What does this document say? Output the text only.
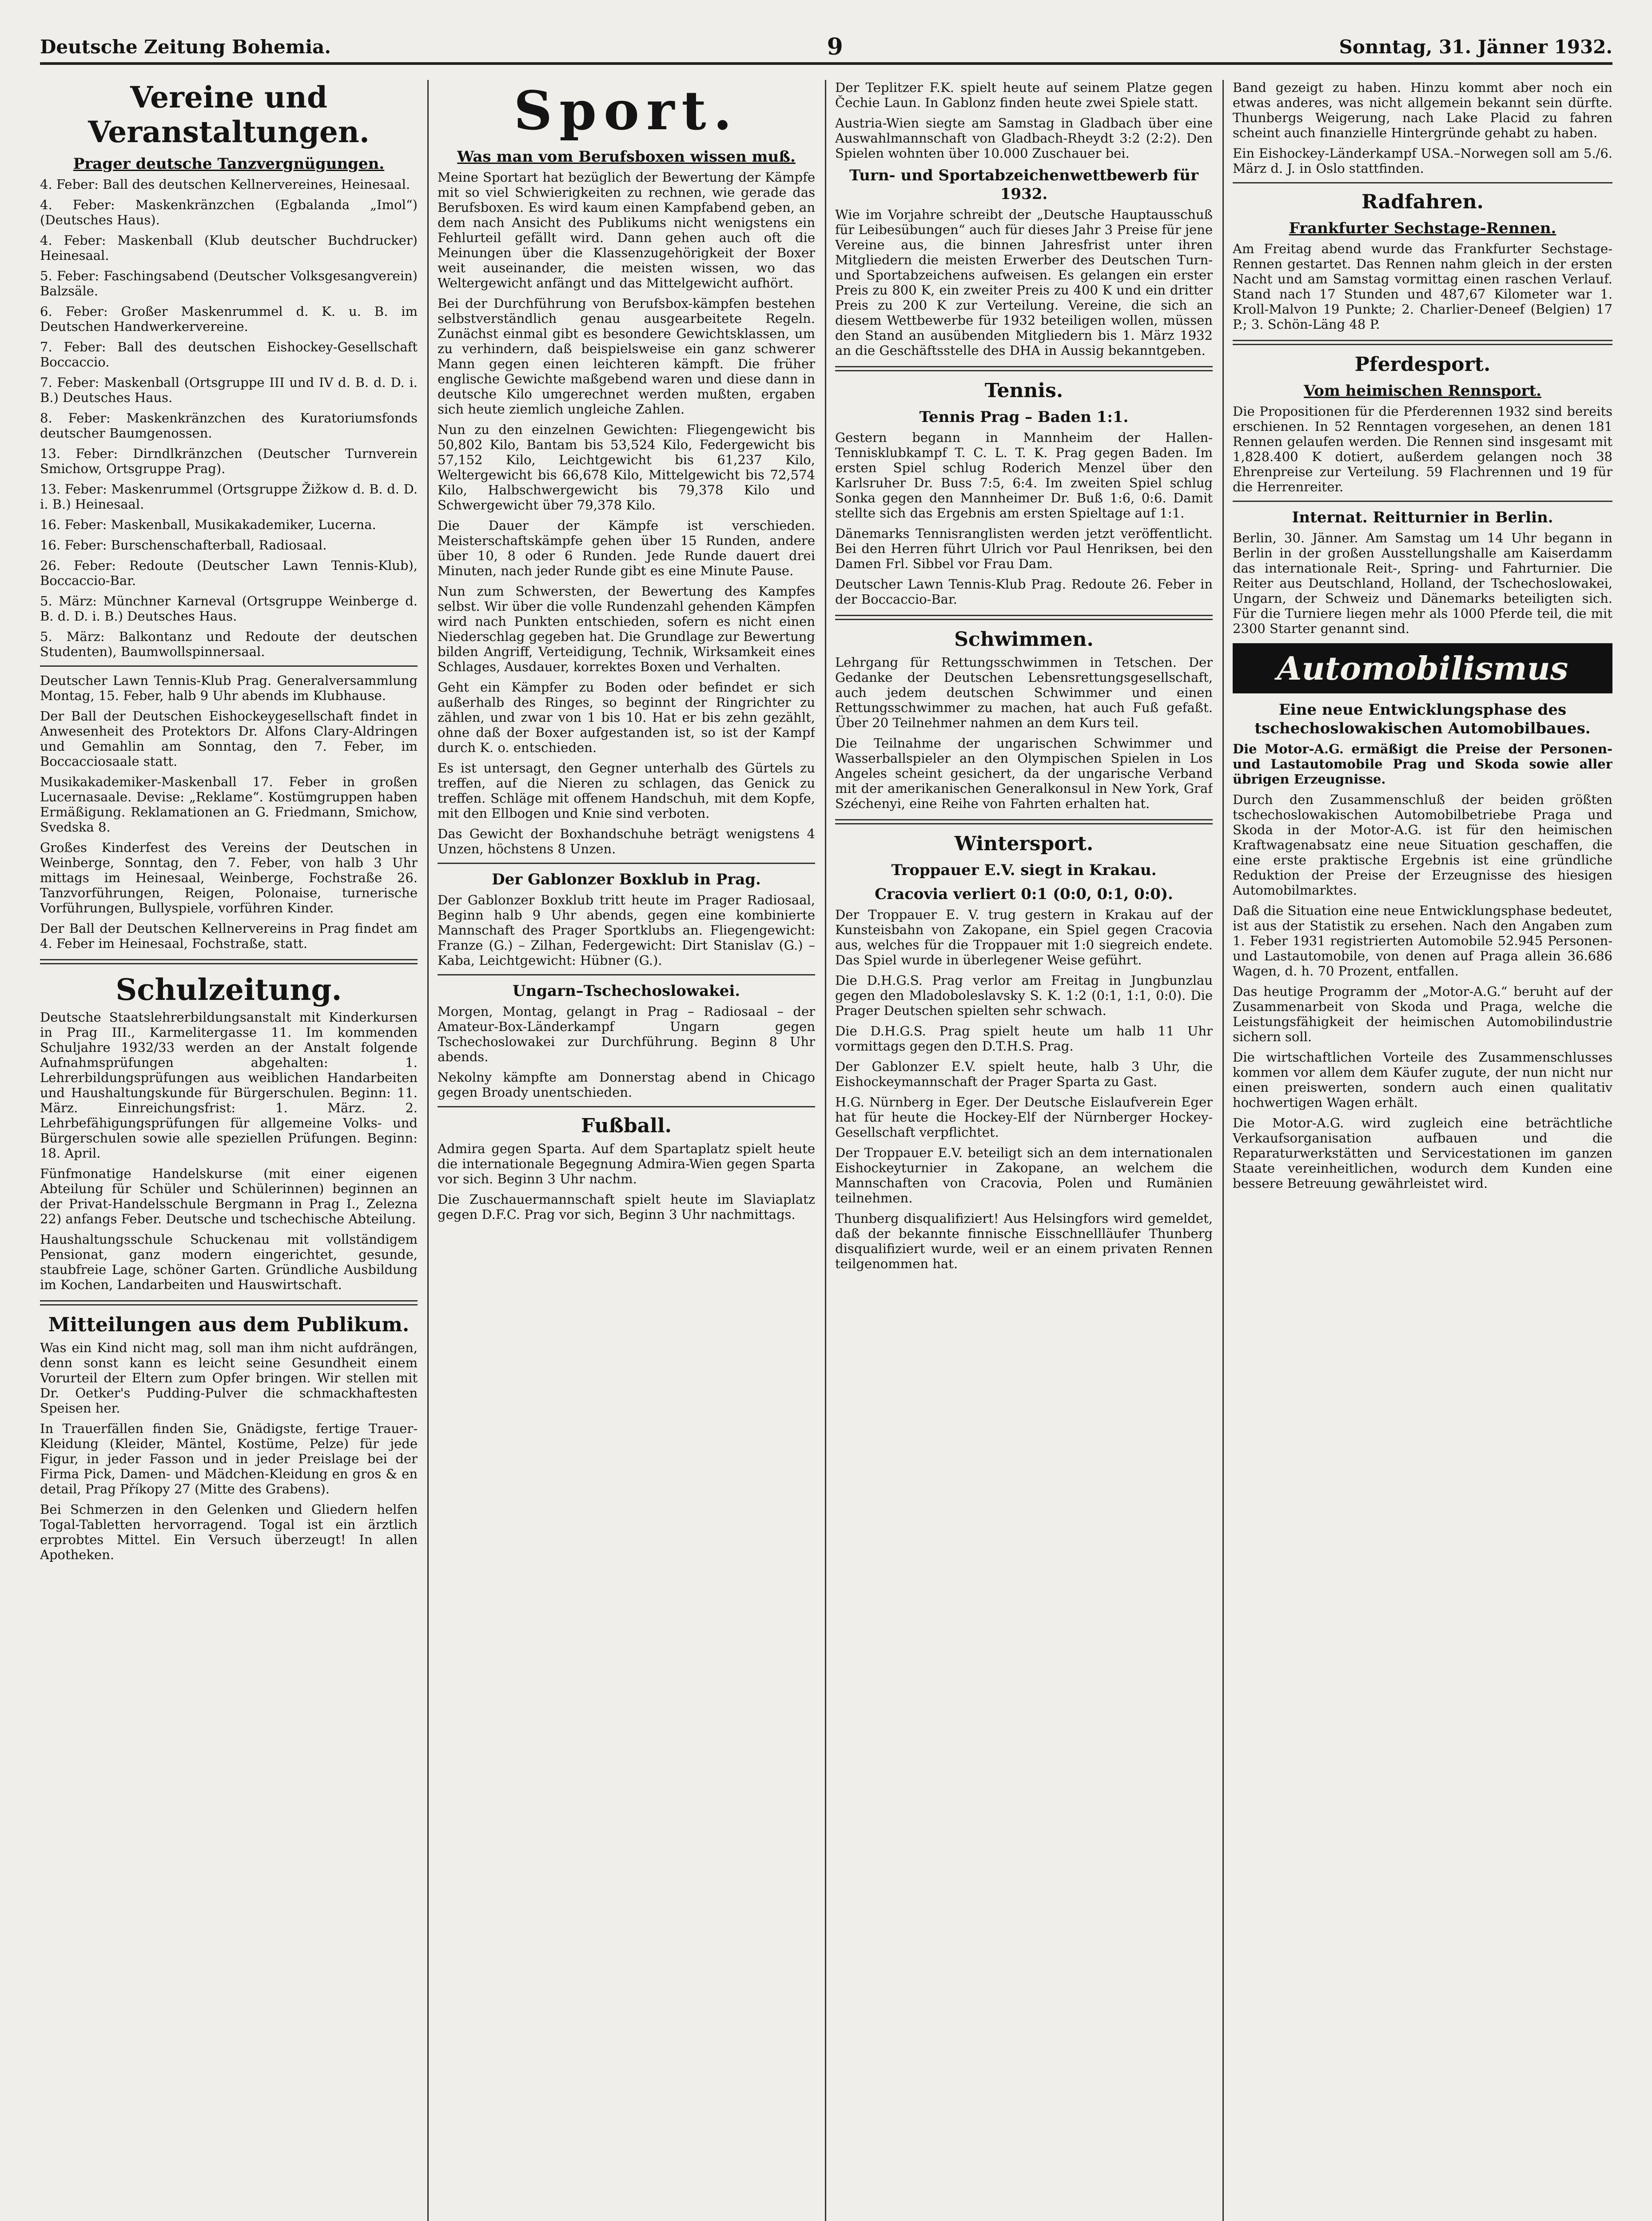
Deutsche Zeitung Bohemia.	9	Sonntag, 31. Jänner 1932.
Vereine und Veranstaltungen.
Prager deutsche Tanzvergnügungen.

4. Feber: Ball des deutschen Kellnervereines, Heinesaal.

4. Feber: Maskenkränzchen (Egbalanda „Imol“) (Deutsches Haus).

4. Feber: Maskenball (Klub deutscher Buchdrucker) Heinesaal.

5. Feber: Faschingsabend (Deutscher Volksgesangverein) Balzsäle.

6. Feber: Großer Maskenrummel d. K. u. B. im Deutschen Handwerkervereine.

7. Feber: Ball des deutschen Eishockey-Gesellschaft Boccaccio.

7. Feber: Maskenball (Ortsgruppe III und IV d. B. d. D. i. B.) Deutsches Haus.

8. Feber: Maskenkränzchen des Kuratoriumsfonds deutscher Baumgenossen.

13. Feber: Dirndlkränzchen (Deutscher Turnverein Smichow, Ortsgruppe Prag).

13. Feber: Maskenrummel (Ortsgruppe Žižkow d. B. d. D. i. B.) Heinesaal.

16. Feber: Maskenball, Musikakademiker, Lucerna.

16. Feber: Burschenschafterball, Radiosaal.

26. Feber: Redoute (Deutscher Lawn Tennis-Klub), Boccaccio-Bar.

5. März: Münchner Karneval (Ortsgruppe Weinberge d. B. d. D. i. B.) Deutsches Haus.

5. März: Balkontanz und Redoute der deutschen Studenten), Baumwollspinnersaal.

Deutscher Lawn Tennis-Klub Prag. Generalversammlung Montag, 15. Feber, halb 9 Uhr abends im Klubhause.

Der Ball der Deutschen Eishockeygesellschaft findet in Anwesenheit des Protektors Dr. Alfons Clary-Aldringen und Gemahlin am Sonntag, den 7. Feber, im Boccacciosaale statt.

Musikakademiker-Maskenball 17. Feber in großen Lucernasaale. Devise: „Reklame“. Kostümgruppen haben Ermäßigung. Reklamationen an G. Friedmann, Smichow, Svedska 8.

Großes Kinderfest des Vereins der Deutschen in Weinberge, Sonntag, den 7. Feber, von halb 3 Uhr mittags im Heinesaal, Weinberge, Fochstraße 26. Tanzvorführungen, Reigen, Polonaise, turnerische Vorführungen, Bullyspiele, vorführen Kinder.

Der Ball der Deutschen Kellnervereins in Prag findet am 4. Feber im Heinesaal, Fochstraße, statt.

Schulzeitung.

Deutsche Staatslehrerbildungsanstalt mit Kinderkursen in Prag III., Karmelitergasse 11. Im kommenden Schuljahre 1932/33 werden an der Anstalt folgende Aufnahmsprüfungen abgehalten: 1. Lehrerbildungsprüfungen aus weiblichen Handarbeiten und Haushaltungskunde für Bürgerschulen. Beginn: 11. März. Einreichungsfrist: 1. März. 2. Lehrbefähigungsprüfungen für allgemeine Volks- und Bürgerschulen sowie alle speziellen Prüfungen. Beginn: 18. April.

Fünfmonatige Handelskurse (mit einer eigenen Abteilung für Schüler und Schülerinnen) beginnen an der Privat-Handelsschule Bergmann in Prag I., Zelezna 22) anfangs Feber. Deutsche und tschechische Abteilung.

Haushaltungsschule Schuckenau mit vollständigem Pensionat, ganz modern eingerichtet, gesunde, staubfreie Lage, schöner Garten. Gründliche Ausbildung im Kochen, Landarbeiten und Hauswirtschaft.

Mitteilungen aus dem Publikum.

Was ein Kind nicht mag, soll man ihm nicht aufdrängen, denn sonst kann es leicht seine Gesundheit einem Vorurteil der Eltern zum Opfer bringen. Wir stellen mit Dr. Oetker's Pudding-Pulver die schmackhaftesten Speisen her.

In Trauerfällen finden Sie, Gnädigste, fertige Trauer-Kleidung (Kleider, Mäntel, Kostüme, Pelze) für jede Figur, in jeder Fasson und in jeder Preislage bei der Firma Pick, Damen- und Mädchen-Kleidung en gros & en detail, Prag Příkopy 27 (Mitte des Grabens).

Bei Schmerzen in den Gelenken und Gliedern helfen Togal-Tabletten hervorragend. Togal ist ein ärztlich erprobtes Mittel. Ein Versuch überzeugt! In allen Apotheken.

Sport.
Was man vom Berufsboxen wissen muß.

Meine Sportart hat bezüglich der Bewertung der Kämpfe mit so viel Schwierigkeiten zu rechnen, wie gerade das Berufsboxen. Es wird kaum einen Kampfabend geben, an dem nach Ansicht des Publikums nicht wenigstens ein Fehlurteil gefällt wird. Dann gehen auch oft die Meinungen über die Klassenzugehörigkeit der Boxer weit auseinander, die meisten wissen, wo das Weltergewicht anfängt und das Mittelgewicht aufhört.

Bei der Durchführung von Berufsbox-kämpfen bestehen selbstverständlich genau ausgearbeitete Regeln. Zunächst einmal gibt es besondere Gewichtsklassen, um zu verhindern, daß beispielsweise ein ganz schwerer Mann gegen einen leichteren kämpft. Die früher englische Gewichte maßgebend waren und diese dann in deutsche Kilo umgerechnet werden mußten, ergaben sich heute ziemlich ungleiche Zahlen.

Nun zu den einzelnen Gewichten: Fliegengewicht bis 50,802 Kilo, Bantam bis 53,524 Kilo, Federgewicht bis 57,152 Kilo, Leichtgewicht bis 61,237 Kilo, Weltergewicht bis 66,678 Kilo, Mittelgewicht bis 72,574 Kilo, Halbschwergewicht bis 79,378 Kilo und Schwergewicht über 79,378 Kilo.

Die Dauer der Kämpfe ist verschieden. Meisterschaftskämpfe gehen über 15 Runden, andere über 10, 8 oder 6 Runden. Jede Runde dauert drei Minuten, nach jeder Runde gibt es eine Minute Pause.

Nun zum Schwersten, der Bewertung des Kampfes selbst. Wir über die volle Rundenzahl gehenden Kämpfen wird nach Punkten entschieden, sofern es nicht einen Niederschlag gegeben hat. Die Grundlage zur Bewertung bilden Angriff, Verteidigung, Technik, Wirksamkeit eines Schlages, Ausdauer, korrektes Boxen und Verhalten.

Geht ein Kämpfer zu Boden oder befindet er sich außerhalb des Ringes, so beginnt der Ringrichter zu zählen, und zwar von 1 bis 10. Hat er bis zehn gezählt, ohne daß der Boxer aufgestanden ist, so ist der Kampf durch K. o. entschieden.

Es ist untersagt, den Gegner unterhalb des Gürtels zu treffen, auf die Nieren zu schlagen, das Genick zu treffen. Schläge mit offenem Handschuh, mit dem Kopfe, mit den Ellbogen und Knie sind verboten.

Das Gewicht der Boxhandschuhe beträgt wenigstens 4 Unzen, höchstens 8 Unzen.

Der Gablonzer Boxklub in Prag.

Der Gablonzer Boxklub tritt heute im Prager Radiosaal, Beginn halb 9 Uhr abends, gegen eine kombinierte Mannschaft des Prager Sportklubs an. Fliegengewicht: Franze (G.) – Zilhan, Federgewicht: Dirt Stanislav (G.) – Kaba, Leichtgewicht: Hübner (G.).

Ungarn–Tschechoslowakei.

Morgen, Montag, gelangt in Prag – Radiosaal – der Amateur-Box-Länderkampf Ungarn gegen Tschechoslowakei zur Durchführung. Beginn 8 Uhr abends.

Nekolny kämpfte am Donnerstag abend in Chicago gegen Broady unentschieden.

Fußball.

Admira gegen Sparta. Auf dem Spartaplatz spielt heute die internationale Begegnung Admira-Wien gegen Sparta vor sich. Beginn 3 Uhr nachm.

Die Zuschauermannschaft spielt heute im Slaviaplatz gegen D.F.C. Prag vor sich, Beginn 3 Uhr nachmittags.

Der Teplitzer F.K. spielt heute auf seinem Platze gegen Čechie Laun. In Gablonz finden heute zwei Spiele statt.

Austria-Wien siegte am Samstag in Gladbach über eine Auswahlmannschaft von Gladbach-Rheydt 3:2 (2:2). Den Spielen wohnten über 10.000 Zuschauer bei.

Turn- und Sportabzeichenwettbewerb für 1932.

Wie im Vorjahre schreibt der „Deutsche Hauptausschuß für Leibesübungen“ auch für dieses Jahr 3 Preise für jene Vereine aus, die binnen Jahresfrist unter ihren Mitgliedern die meisten Erwerber des Deutschen Turn- und Sportabzeichens aufweisen. Es gelangen ein erster Preis zu 800 K, ein zweiter Preis zu 400 K und ein dritter Preis zu 200 K zur Verteilung. Vereine, die sich an diesem Wettbewerbe für 1932 beteiligen wollen, müssen den Stand an ausübenden Mitgliedern bis 1. März 1932 an die Geschäftsstelle des DHA in Aussig bekanntgeben.

Tennis.
Tennis Prag – Baden 1:1.

Gestern begann in Mannheim der Hallen-Tennisklubkampf T. C. L. T. K. Prag gegen Baden. Im ersten Spiel schlug Roderich Menzel über den Karlsruher Dr. Buss 7:5, 6:4. Im zweiten Spiel schlug Sonka gegen den Mannheimer Dr. Buß 1:6, 0:6. Damit stellte sich das Ergebnis am ersten Spieltage auf 1:1.

Dänemarks Tennisranglisten werden jetzt veröffentlicht. Bei den Herren führt Ulrich vor Paul Henriksen, bei den Damen Frl. Sibbel vor Frau Dam.

Deutscher Lawn Tennis-Klub Prag. Redoute 26. Feber in der Boccaccio-Bar.

Schwimmen.

Lehrgang für Rettungsschwimmen in Tetschen. Der Gedanke der Deutschen Lebensrettungsgesellschaft, auch jedem deutschen Schwimmer und einen Rettungsschwimmer zu machen, hat auch Fuß gefaßt. Über 20 Teilnehmer nahmen an dem Kurs teil.

Die Teilnahme der ungarischen Schwimmer und Wasserballspieler an den Olympischen Spielen in Los Angeles scheint gesichert, da der ungarische Verband mit der amerikanischen Generalkonsul in New York, Graf Széchenyi, eine Reihe von Fahrten erhalten hat.

Wintersport.
Troppauer E.V. siegt in Krakau.
Cracovia verliert 0:1 (0:0, 0:1, 0:0).

Der Troppauer E. V. trug gestern in Krakau auf der Kunsteisbahn von Zakopane, ein Spiel gegen Cracovia aus, welches für die Troppauer mit 1:0 siegreich endete. Das Spiel wurde in überlegener Weise geführt.

Die D.H.G.S. Prag verlor am Freitag in Jungbunzlau gegen den Mladoboleslavsky S. K. 1:2 (0:1, 1:1, 0:0). Die Prager Deutschen spielten sehr schwach.

Die D.H.G.S. Prag spielt heute um halb 11 Uhr vormittags gegen den D.T.H.S. Prag.

Der Gablonzer E.V. spielt heute, halb 3 Uhr, die Eishockeymannschaft der Prager Sparta zu Gast.

H.G. Nürnberg in Eger. Der Deutsche Eislaufverein Eger hat für heute die Hockey-Elf der Nürnberger Hockey-Gesellschaft verpflichtet.

Der Troppauer E.V. beteiligt sich an dem internationalen Eishockeyturnier in Zakopane, an welchem die Mannschaften von Cracovia, Polen und Rumänien teilnehmen.

Thunberg disqualifiziert! Aus Helsingfors wird gemeldet, daß der bekannte finnische Eisschnellläufer Thunberg disqualifiziert wurde, weil er an einem privaten Rennen teilgenommen hat.

Band gezeigt zu haben. Hinzu kommt aber noch ein etwas anderes, was nicht allgemein bekannt sein dürfte. Thunbergs Weigerung, nach Lake Placid zu fahren scheint auch finanzielle Hintergründe gehabt zu haben.

Ein Eishockey-Länderkampf USA.–Norwegen soll am 5./6. März d. J. in Oslo stattfinden.

Radfahren.
Frankfurter Sechstage-Rennen.

Am Freitag abend wurde das Frankfurter Sechstage-Rennen gestartet. Das Rennen nahm gleich in der ersten Nacht und am Samstag vormittag einen raschen Verlauf. Stand nach 17 Stunden und 487,67 Kilometer war 1. Kroll-Malvon 19 Punkte; 2. Charlier-Deneef (Belgien) 17 P.; 3. Schön-Läng 48 P.

Pferdesport.
Vom heimischen Rennsport.

Die Propositionen für die Pferderennen 1932 sind bereits erschienen. In 52 Renntagen vorgesehen, an denen 181 Rennen gelaufen werden. Die Rennen sind insgesamt mit 1,828.400 K dotiert, außerdem gelangen noch 38 Ehrenpreise zur Verteilung. 59 Flachrennen und 19 für die Herrenreiter.

Internat. Reitturnier in Berlin.

Berlin, 30. Jänner. Am Samstag um 14 Uhr begann in Berlin in der großen Ausstellungshalle am Kaiserdamm das internationale Reit-, Spring- und Fahrturnier. Die Reiter aus Deutschland, Holland, der Tschechoslowakei, Ungarn, der Schweiz und Dänemarks beteiligten sich. Für die Turniere liegen mehr als 1000 Pferde teil, die mit 2300 Starter genannt sind.

Automobilismus
Eine neue Entwicklungsphase des tschechoslowakischen Automobilbaues.

Die Motor-A.G. ermäßigt die Preise der Personen- und Lastautomobile Prag und Skoda sowie aller übrigen Erzeugnisse.

Durch den Zusammenschluß der beiden größten tschechoslowakischen Automobilbetriebe Praga und Skoda in der Motor-A.G. ist für den heimischen Kraftwagenabsatz eine neue Situation geschaffen, die eine erste praktische Ergebnis ist eine gründliche Reduktion der Preise der Erzeugnisse des hiesigen Automobilmarktes.

Daß die Situation eine neue Entwicklungsphase bedeutet, ist aus der Statistik zu ersehen. Nach den Angaben zum 1. Feber 1931 registrierten Automobile 52.945 Personen- und Lastautomobile, von denen auf Praga allein 36.686 Wagen, d. h. 70 Prozent, entfallen.

Das heutige Programm der „Motor-A.G.“ beruht auf der Zusammenarbeit von Skoda und Praga, welche die Leistungsfähigkeit der heimischen Automobilindustrie sichern soll.

Die wirtschaftlichen Vorteile des Zusammenschlusses kommen vor allem dem Käufer zugute, der nun nicht nur einen preiswerten, sondern auch einen qualitativ hochwertigen Wagen erhält.

Die Motor-A.G. wird zugleich eine beträchtliche Verkaufsorganisation aufbauen und die Reparaturwerkstätten und Servicestationen im ganzen Staate vereinheitlichen, wodurch dem Kunden eine bessere Betreuung gewährleistet wird.
